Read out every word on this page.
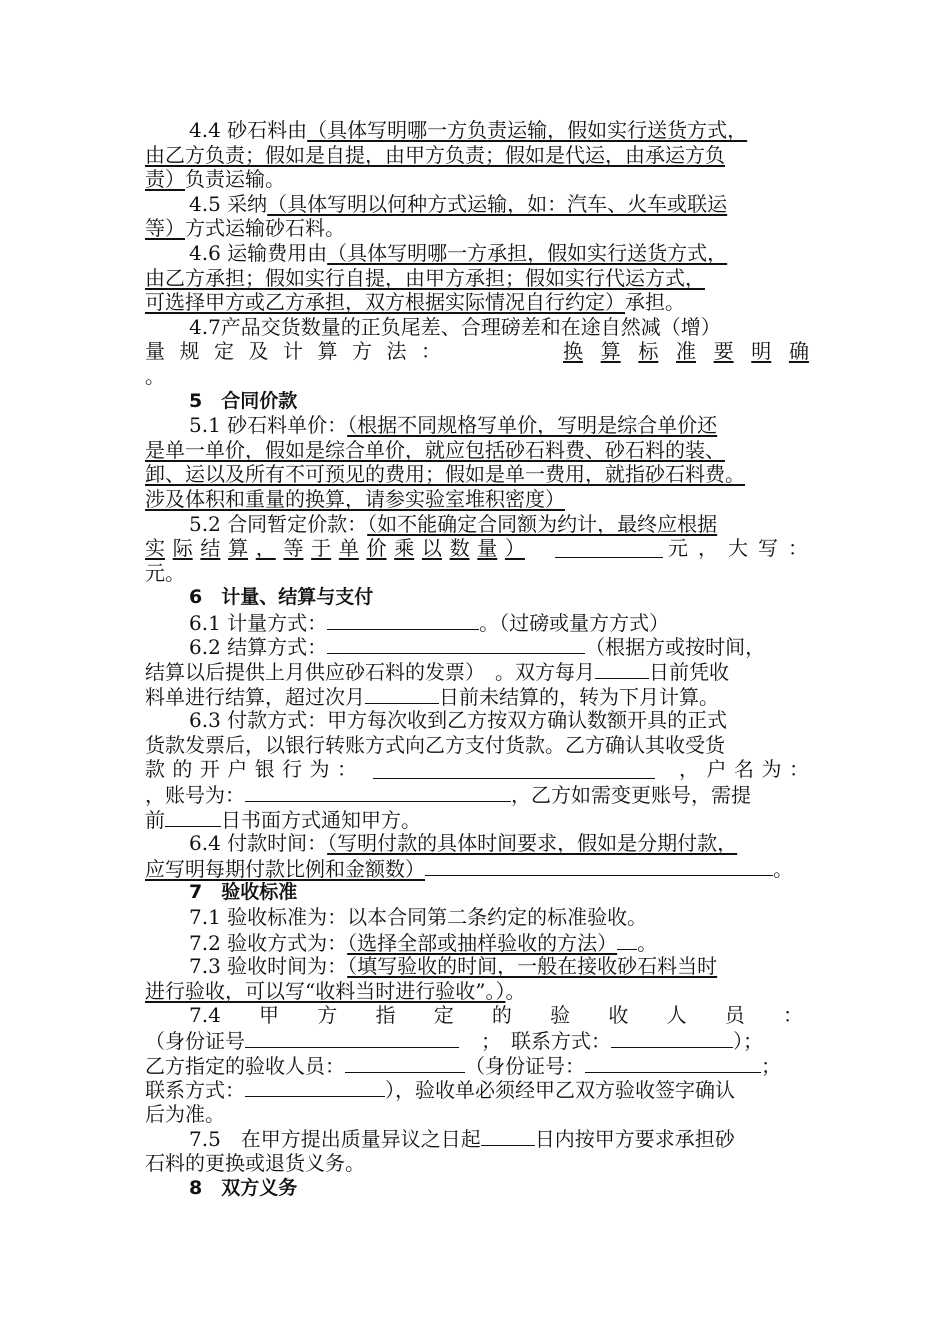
4.4 砂石料由（具体写明哪一方负责运输，假如实行送货方式，
由乙方负责；假如是自提，由甲方负责；假如是代运，由承运方负
责）负责运输。
4.5 采纳（具体写明以何种方式运输，如：汽车、火车或联运
等）方式运输砂石料。
4.6 运输费用由（具体写明哪一方承担，假如实行送货方式，
由乙方承担；假如实行自提，由甲方承担；假如实行代运方式，
可选择甲方或乙方承担，双方根据实际情况自行约定）承担。
4.7产品交货数量的正负尾差、合理磅差和在途自然减（增）
量 规 定 及 计 算 方 法 ：	换 算 标 准 要 明 确
。
5　合同价款
5.1 砂石料单价：（根据不同规格写单价，写明是综合单价还
是单一单价，假如是综合单价，就应包括砂石料费、砂石料的装、
卸、运以及所有不可预见的费用；假如是单一费用，就指砂石料费。
涉及体积和重量的换算，请参实验室堆积密度）
5.2 合同暂定价款：（如不能确定合同额为约计，最终应根据
实 际 结 算 ， 等 于 单 价 乘 以 数 量 ）	元 ， 大 写 ：
元。
6　计量、结算与支付
6.1 计量方式：	。（过磅或量方方式）
6.2 结算方式：	（根据方或按时间，
结算以后提供上月供应砂石料的发票）　。双方每月	日前凭收
料单进行结算，超过次月	日前未结算的，转为下月计算。
6.3 付款方式：甲方每次收到乙方按双方确认数额开具的正式
货款发票后，以银行转账方式向乙方支付货款。乙方确认其收受货
款 的 开 户 银 行 为 ：	， 户 名 为 ：
，账号为：	，乙方如需变更账号，需提
前	日书面方式通知甲方。
6.4 付款时间：（写明付款的具体时间要求，假如是分期付款，
应写明每期付款比例和金额数）	。
7　验收标准
7.1 验收标准为：以本合同第二条约定的标准验收。
7.2 验收方式为：（选择全部或抽样验收的方法） 。
7.3 验收时间为：（填写验收的时间，一般在接收砂石料当时
进行验收，可以写“收料当时进行验收”。）。
7.4 甲 方 指 定 的 验 收 人 员 ：
（身份证号	；　联系方式：	）；
乙方指定的验收人员：	（身份证号：	；
联系方式：	），验收单必须经甲乙双方验收签字确认
后为准。
7.5　在甲方提出质量异议之日起	日内按甲方要求承担砂
石料的更换或退货义务。
8　双方义务
